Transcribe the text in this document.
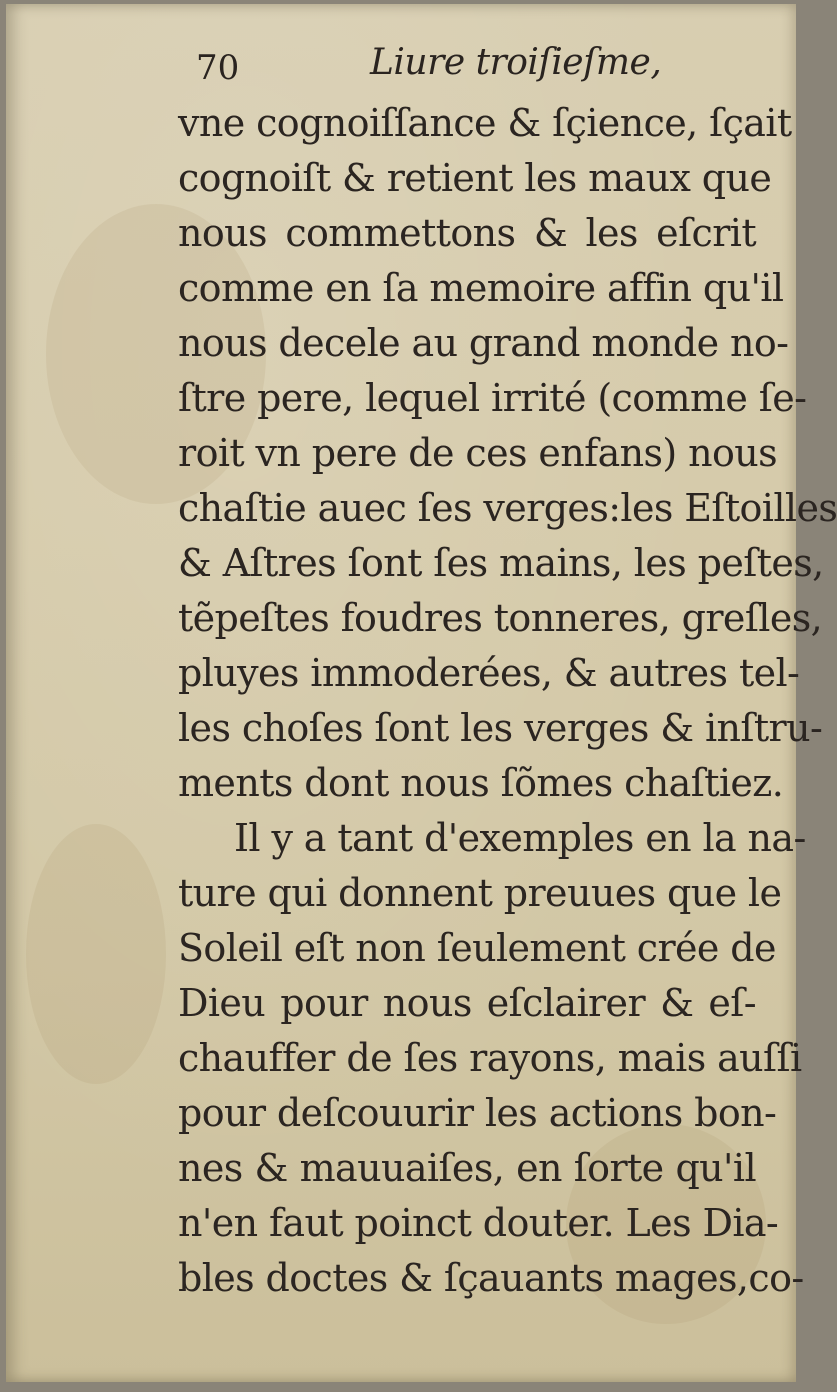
70	Liure troiſieſme,
vne cognoiſſance & ſçience, ſçait
cognoiſt & retient les maux que
nous commettons & les eſcrit
comme en ſa memoire affin qu'il
nous decele au grand monde no-
ſtre pere, lequel irrité (comme ſe-
roit vn pere de ces enfans) nous
chaſtie auec ſes verges:les Eſtoilles
& Aſtres ſont ſes mains, les peſtes,
tẽpeſtes foudres tonneres, greſles,
pluyes immoderées, & autres tel-
les choſes ſont les verges & inſtru-
ments dont nous ſõmes chaſtiez.
Il y a tant d'exemples en la na-
ture qui donnent preuues que le
Soleil eſt non ſeulement crée de
Dieu pour nous eſclairer & eſ-
chauffer de ſes rayons, mais auſſi
pour deſcouurir les actions bon-
nes & mauuaiſes, en ſorte qu'il
n'en faut poinct douter. Les Dia-
bles doctes & ſçauants mages,co-
